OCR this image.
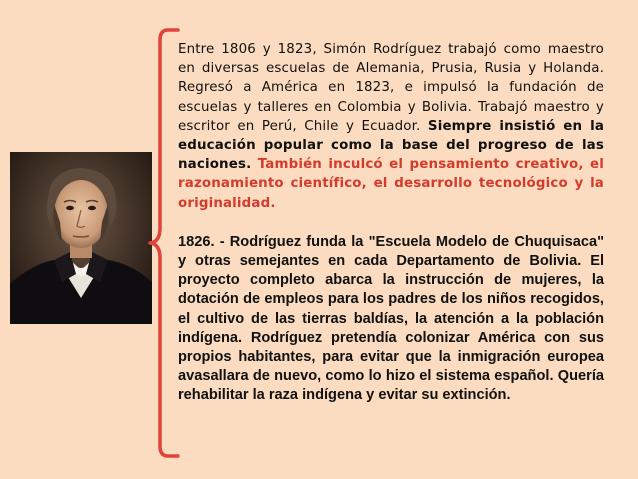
Entre 1806 y 1823, Simón Rodríguez trabajó como maestro en diversas escuelas de Alemania, Prusia, Rusia y Holanda. Regresó a América en 1823, e impulsó la fundación de escuelas y talleres en Colombia y Bolivia. Trabajó maestro y escritor en Perú, Chile y Ecuador. Siempre insistió en la educación popular como la base del progreso de las naciones. También inculcó el pensamiento creativo, el razonamiento científico, el desarrollo tecnológico y la originalidad.

1826. - Rodríguez funda la "Escuela Modelo de Chuquisaca" y otras semejantes en cada Departamento de Bolivia. El proyecto completo abarca la instrucción de mujeres, la dotación de empleos para los padres de los niños recogidos, el cultivo de las tierras baldías, la atención a la población indígena. Rodríguez pretendía colonizar América con sus propios habitantes, para evitar que la inmigración europea avasallara de nuevo, como lo hizo el sistema español. Quería rehabilitar la raza indígena y evitar su extinción.
